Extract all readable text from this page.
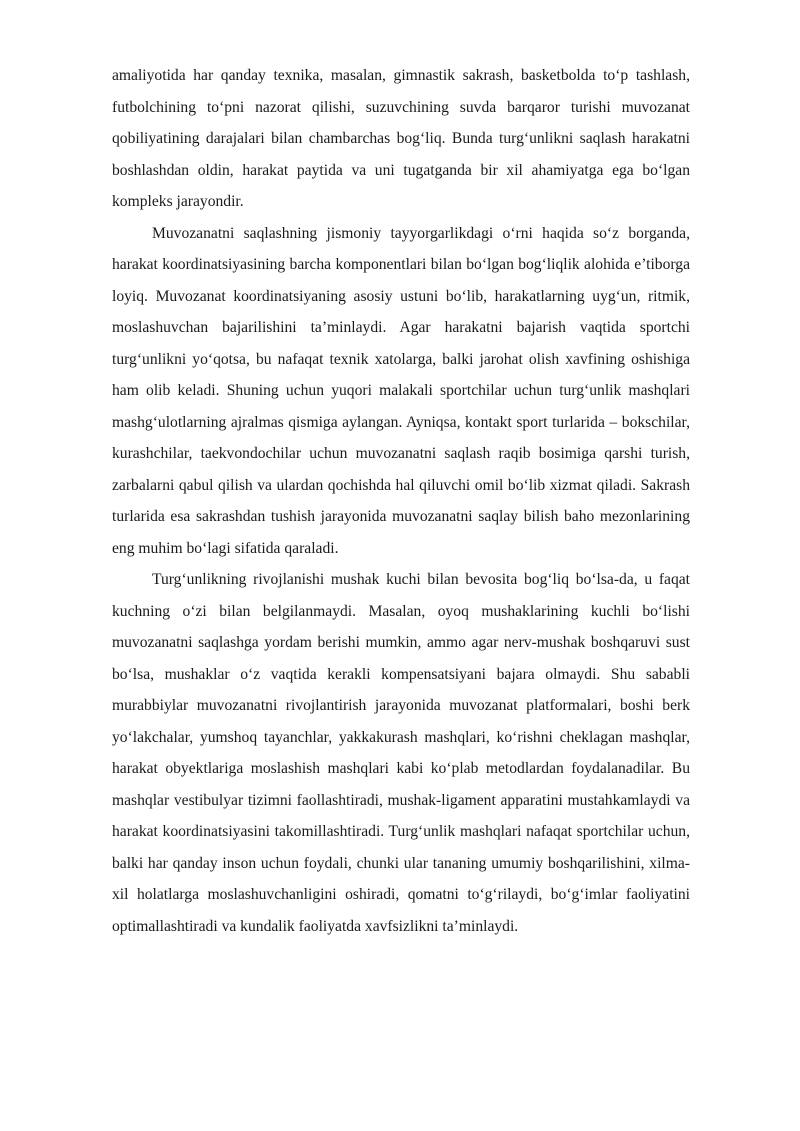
amaliyotida har qanday texnika, masalan, gimnastik sakrash, basketbolda to‘p tashlash, futbolchining to‘pni nazorat qilishi, suzuvchining suvda barqaror turishi muvozanat qobiliyatining darajalari bilan chambarchas bog‘liq. Bunda turg‘unlikni saqlash harakatni boshlashdan oldin, harakat paytida va uni tugatganda bir xil ahamiyatga ega bo‘lgan kompleks jarayondir.

Muvozanatni saqlashning jismoniy tayyorgarlikdagi o‘rni haqida so‘z borganda, harakat koordinatsiyasining barcha komponentlari bilan bo‘lgan bog‘liqlik alohida e’tiborga loyiq. Muvozanat koordinatsiyaning asosiy ustuni bo‘lib, harakatlarning uyg‘un, ritmik, moslashuvchan bajarilishini ta’minlaydi. Agar harakatni bajarish vaqtida sportchi turg‘unlikni yo‘qotsa, bu nafaqat texnik xatolarga, balki jarohat olish xavfining oshishiga ham olib keladi. Shuning uchun yuqori malakali sportchilar uchun turg‘unlik mashqlari mashg‘ulotlarning ajralmas qismiga aylangan. Ayniqsa, kontakt sport turlarida – bokschilar, kurashchilar, taekvondochilar uchun muvozanatni saqlash raqib bosimiga qarshi turish, zarbalarni qabul qilish va ulardan qochishda hal qiluvchi omil bo‘lib xizmat qiladi. Sakrash turlarida esa sakrashdan tushish jarayonida muvozanatni saqlay bilish baho mezonlarining eng muhim bo‘lagi sifatida qaraladi.

Turg‘unlikning rivojlanishi mushak kuchi bilan bevosita bog‘liq bo‘lsa-da, u faqat kuchning o‘zi bilan belgilanmaydi. Masalan, oyoq mushaklarining kuchli bo‘lishi muvozanatni saqlashga yordam berishi mumkin, ammo agar nerv-mushak boshqaruvi sust bo‘lsa, mushaklar o‘z vaqtida kerakli kompensatsiyani bajara olmaydi. Shu sababli murabbiylar muvozanatni rivojlantirish jarayonida muvozanat platformalari, boshi berk yo‘lakchalar, yumshoq tayanchlar, yakkakurash mashqlari, ko‘rishni cheklagan mashqlar, harakat obyektlariga moslashish mashqlari kabi ko‘plab metodlardan foydalanadilar. Bu mashqlar vestibulyar tizimni faollashtiradi, mushak-ligament apparatini mustahkamlaydi va harakat koordinatsiyasini takomillashtiradi. Turg‘unlik mashqlari nafaqat sportchilar uchun, balki har qanday inson uchun foydali, chunki ular tananing umumiy boshqarilishini, xilma-xil holatlarga moslashuvchanligini oshiradi, qomatni to‘g‘rilaydi, bo‘g‘imlar faoliyatini optimallashtiradi va kundalik faoliyatda xavfsizlikni ta’minlaydi.
